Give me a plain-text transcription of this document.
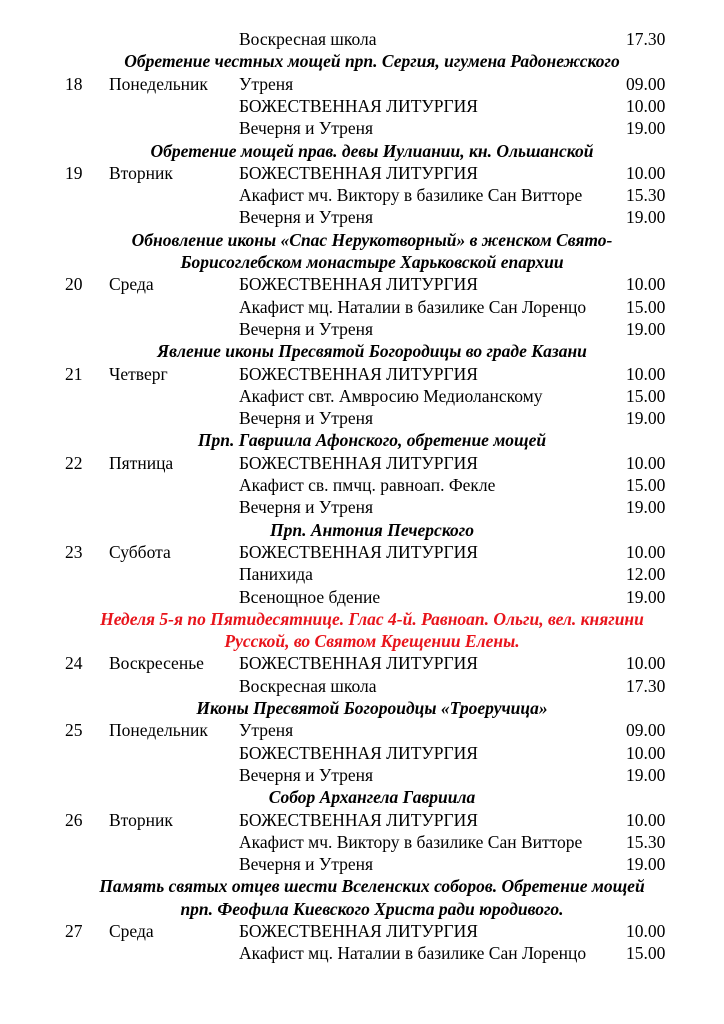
Воскресная школа	17.30
Обретение честных мощей прп. Сергия, игумена Радонежского
18 Понедельник Утреня	09.00
БОЖЕСТВЕННАЯ ЛИТУРГИЯ	10.00
Вечерня и Утреня	19.00
Обретение мощей прав. девы Иулиании, кн. Ольшанской
19 Вторник	БОЖЕСТВЕННАЯ ЛИТУРГИЯ	10.00
Акафист мч. Виктору в базилике Сан Витторе 15.30
Вечерня и Утреня	19.00
Обновление иконы «Спас Нерукотворный» в женском Свято-
Борисоглебском монастыре Харьковской епархии
20 Среда	БОЖЕСТВЕННАЯ ЛИТУРГИЯ	10.00
Акафист мц. Наталии в базилике Сан Лоренцо 15.00
Вечерня и Утреня	19.00
Явление иконы Пресвятой Богородицы во граде Казани
21 Четверг	БОЖЕСТВЕННАЯ ЛИТУРГИЯ	10.00
Акафист свт. Амвросию Медиоланскому	15.00
Вечерня и Утреня	19.00
Прп. Гавриила Афонского, обретение мощей
22 Пятница	БОЖЕСТВЕННАЯ ЛИТУРГИЯ	10.00
Акафист св. пмчц. равноап. Фекле	15.00
Вечерня и Утреня	19.00
Прп. Антония Печерского
23 Суббота	БОЖЕСТВЕННАЯ ЛИТУРГИЯ	10.00
Панихида	12.00
Всенощное бдение	19.00
Неделя 5-я по Пятидесятнице. Глас 4-й. Равноап. Ольги, вел. княгини
Русской, во Святом Крещении Елены.
24 Воскресенье БОЖЕСТВЕННАЯ ЛИТУРГИЯ	10.00
Воскресная школа	17.30
Иконы Пресвятой Богороидцы «Троеручица»
25 Понедельник Утреня	09.00
БОЖЕСТВЕННАЯ ЛИТУРГИЯ	10.00
Вечерня и Утреня	19.00
Собор Архангела Гавриила
26 Вторник	БОЖЕСТВЕННАЯ ЛИТУРГИЯ	10.00
Акафист мч. Виктору в базилике Сан Витторе 15.30
Вечерня и Утреня	19.00
Память святых отцев шести Вселенских соборов. Обретение мощей
прп. Феофила Киевского Христа ради юродивого.
27 Среда	БОЖЕСТВЕННАЯ ЛИТУРГИЯ	10.00
Акафист мц. Наталии в базилике Сан Лоренцо 15.00
